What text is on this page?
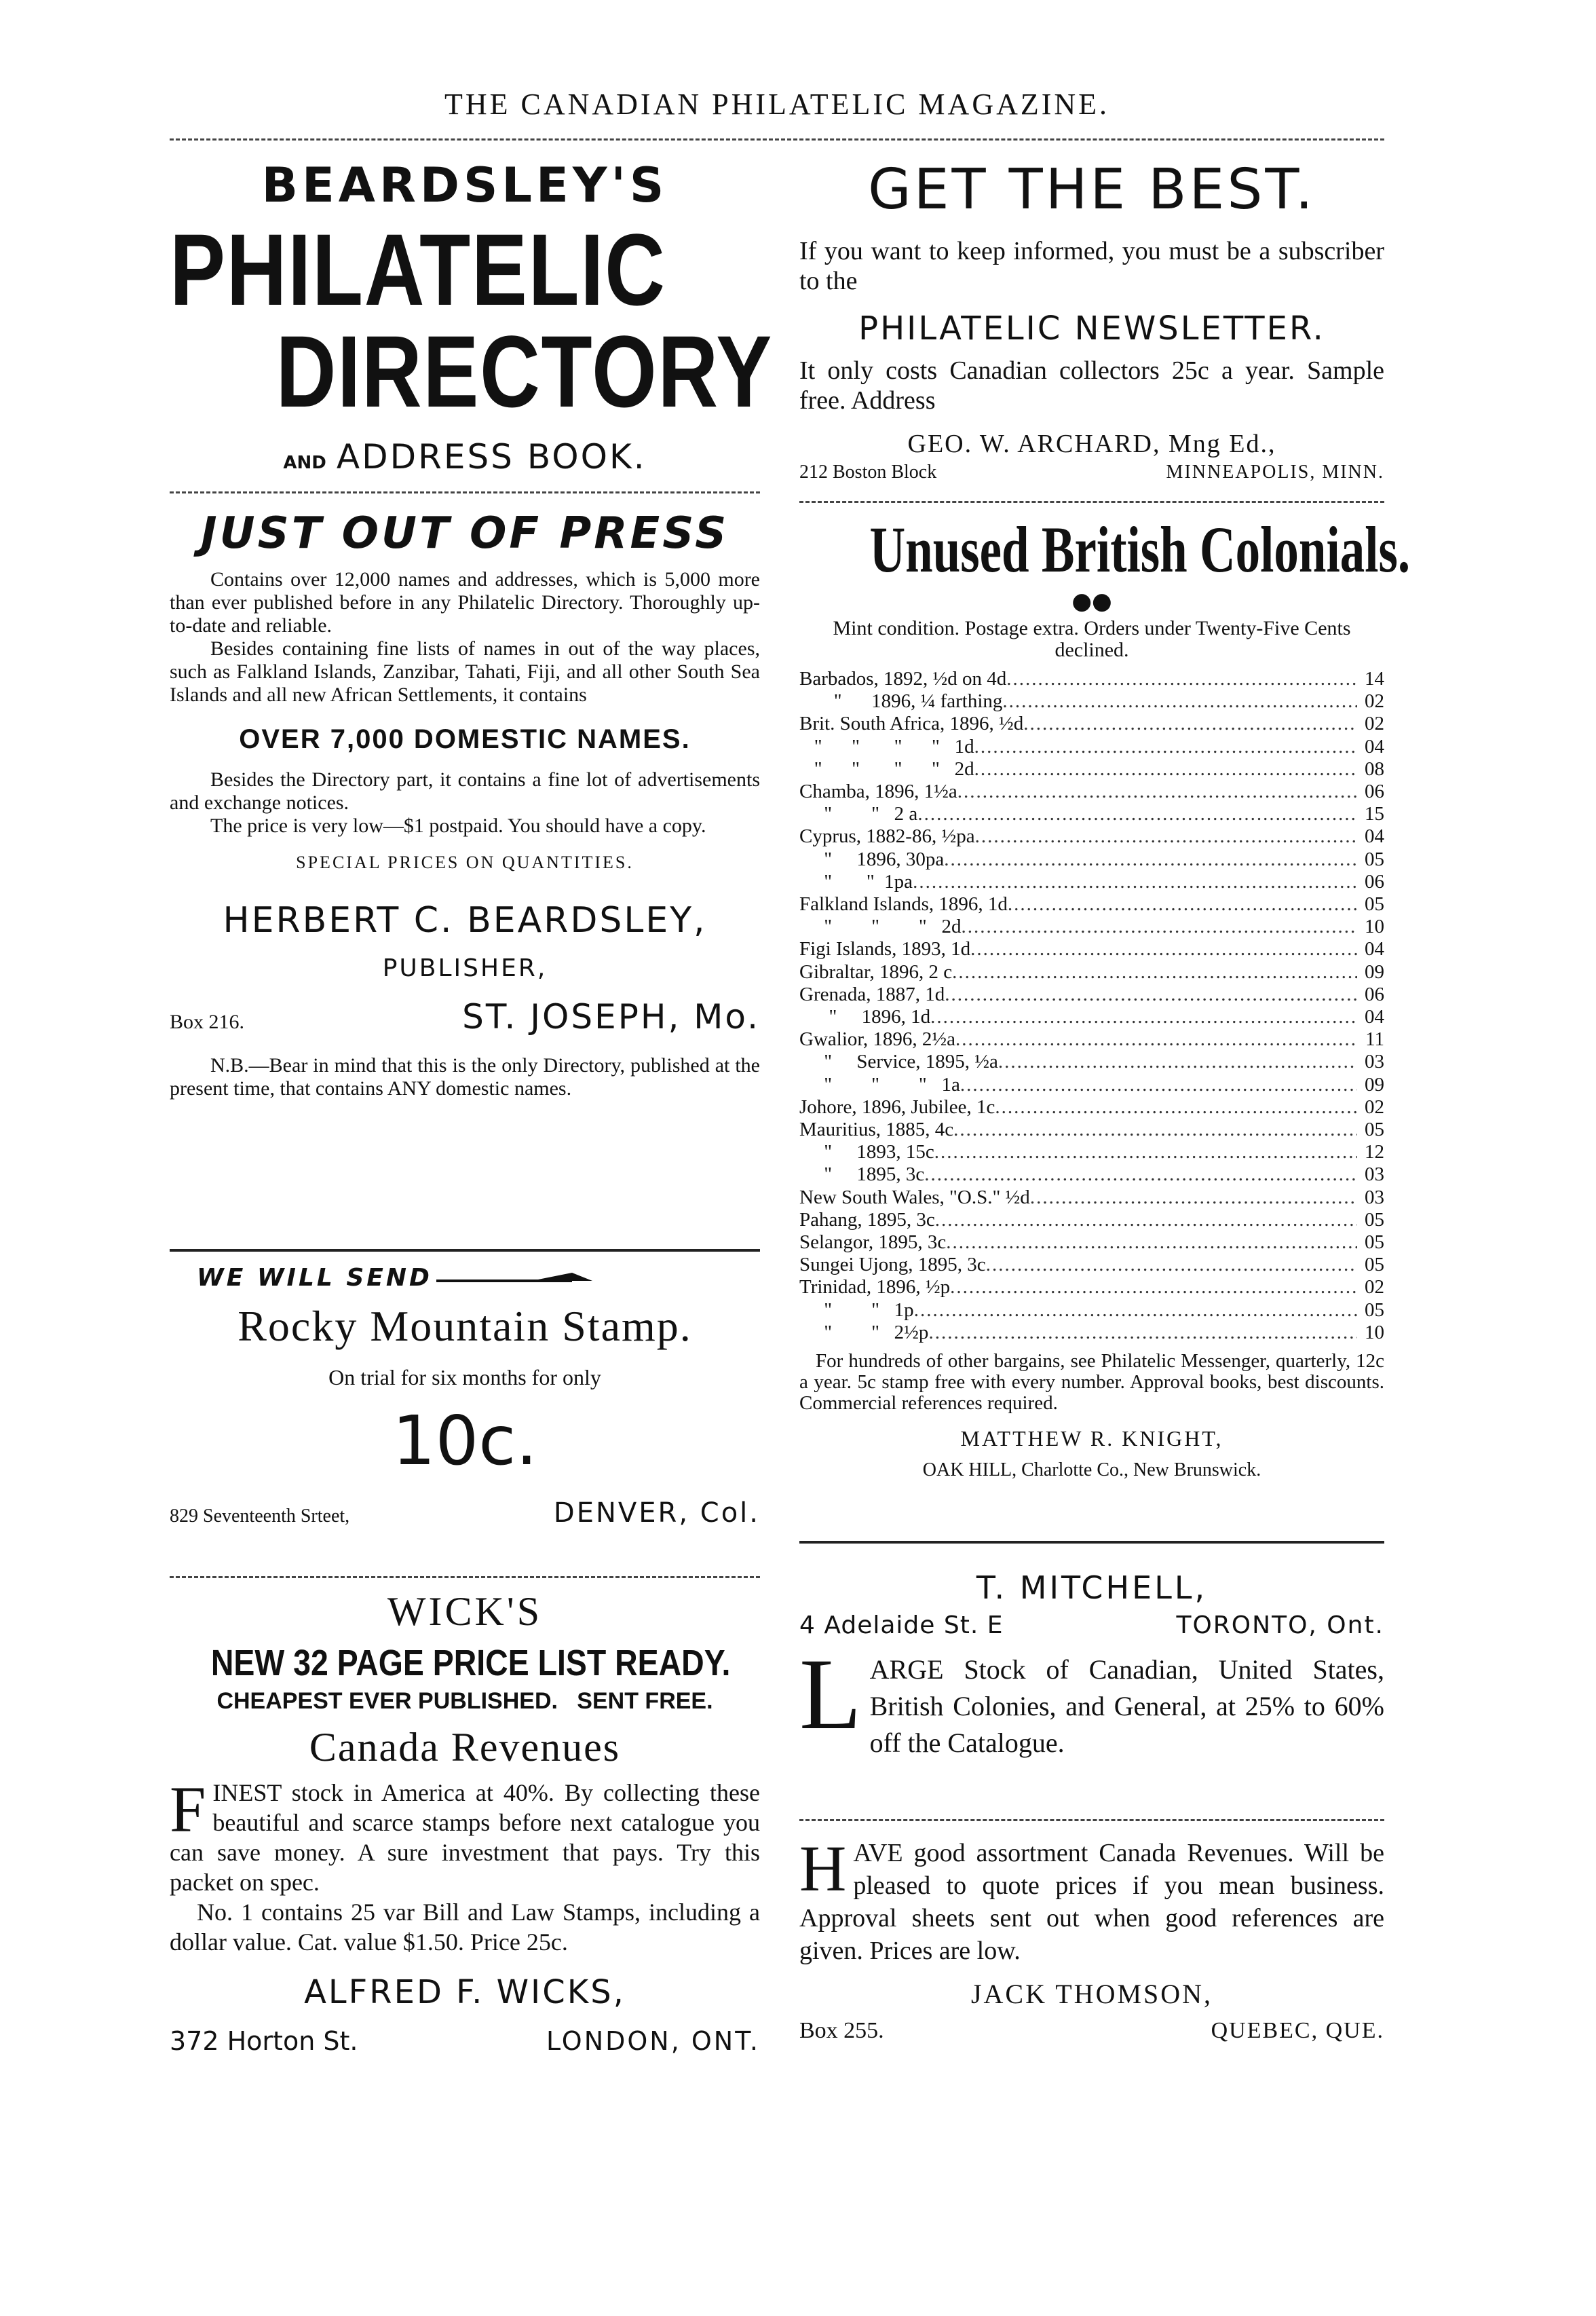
THE CANADIAN PHILATELIC MAGAZINE.
BEARDSLEY'S
PHILATELIC
DIRECTORY
AND ADDRESS BOOK.
JUST OUT OF PRESS
Contains over 12,000 names and addresses, which is 5,000 more than ever published before in any Philatelic Directory. Thoroughly up-to-date and reliable.
Besides containing fine lists of names in out of the way places, such as Falkland Islands, Zanzibar, Tahati, Fiji, and all other South Sea Islands and all new African Settlements, it contains
OVER 7,000 DOMESTIC NAMES.
Besides the Directory part, it contains a fine lot of advertisements and exchange notices.
The price is very low—$1 postpaid. You should have a copy.
SPECIAL PRICES ON QUANTITIES.
HERBERT C. BEARDSLEY,
PUBLISHER,
Box 216.	ST. JOSEPH, Mo.
N.B.—Bear in mind that this is the only Directory, published at the present time, that contains ANY domestic names.
WE WILL SEND
Rocky Mountain Stamp.
On trial for six months for only
10c.
829 Seventeenth Srteet,	DENVER, Col.
WICK'S
NEW 32 PAGE PRICE LIST READY.
CHEAPEST EVER PUBLISHED.   SENT FREE.
Canada Revenues
F INEST stock in America at 40%. By collecting these beautiful and scarce stamps before next catalogue you can save money. A sure investment that pays. Try this packet on spec.
No. 1 contains 25 var Bill and Law Stamps, including a dollar value. Cat. value $1.50. Price 25c.
ALFRED F. WICKS,
372 Horton St.	LONDON, ONT.
GET THE BEST.
If you want to keep informed, you must be a subscriber to the
PHILATELIC NEWSLETTER.
It only costs Canadian collectors 25c a year. Sample free. Address
GEO. W. ARCHARD, Mng Ed.,
212 Boston Block	MINNEAPOLIS, MINN.
Unused British Colonials.
●●
Mint condition. Postage extra. Orders under Twenty-Five Cents declined.
Barbados, 1892, ½d on 4d .....	14
"      1896, ¼ farthing .....	02
Brit. South Africa, 1896, ½d .....	02
"      "       "      "   1d .....	04
"      "       "      "   2d .....	08
Chamba, 1896, 1½a .....	06
"        "   2 a .....	15
Cyprus, 1882-86, ½pa .....	04
"     1896, 30pa .....	05
"       "  1pa .....	06
Falkland Islands, 1896, 1d .....	05
"        "        "   2d .....	10
Figi Islands, 1893, 1d .....	04
Gibraltar, 1896, 2 c .....	09
Grenada, 1887, 1d .....	06
"     1896, 1d .....	04
Gwalior, 1896, 2½a .....	11
"     Service, 1895, ½a .....	03
"        "        "   1a .....	09
Johore, 1896, Jubilee, 1c .....	02
Mauritius, 1885, 4c .....	05
"     1893, 15c .....	12
"     1895, 3c .....	03
New South Wales, "O.S." ½d .....	03
Pahang, 1895, 3c .....	05
Selangor, 1895, 3c .....	05
Sungei Ujong, 1895, 3c .....	05
Trinidad, 1896, ½p .....	02
"        "   1p .....	05
"        "   2½p .....	10
For hundreds of other bargains, see Philatelic Messenger, quarterly, 12c a year. 5c stamp free with every number. Approval books, best discounts. Commercial references required.
MATTHEW R. KNIGHT,
OAK HILL, Charlotte Co., New Brunswick.
T. MITCHELL,
4 Adelaide St. E	TORONTO, Ont.
L ARGE Stock of Canadian, United States, British Colonies, and General, at 25% to 60% off the Catalogue.
H AVE good assortment Canada Revenues. Will be pleased to quote prices if you mean business. Approval sheets sent out when good references are given. Prices are low.
JACK THOMSON,
Box 255.	QUEBEC, QUE.
